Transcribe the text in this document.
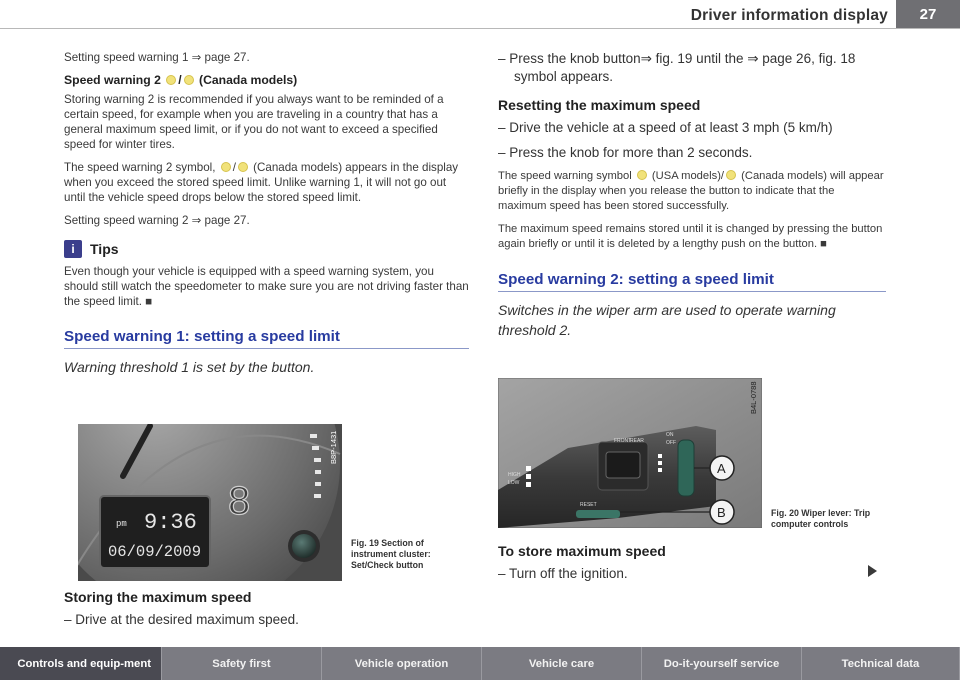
Driver information display	27

Setting speed warning 1 ⇒ page 27.

Speed warning 2 / (Canada models)

Storing warning 2 is recommended if you always want to be reminded of a certain speed, for example when you are traveling in a country that has a general maximum speed limit, or if you do not want to exceed a specified speed for winter tires.

The speed warning 2 symbol, / (Canada models) appears in the display when you exceed the stored speed limit. Unlike warning 1, it will not go out until the vehicle speed drops below the stored speed limit.

Setting speed warning 2 ⇒ page 27.

i	Tips

Even though your vehicle is equipped with a speed warning system, you should still watch the speedometer to make sure you are not driving faster than the speed limit. ■

Speed warning 1: setting a speed limit
Warning threshold 1 is set by the button.
8
pm 9:36
06/09/2009
B8P-1431
Fig. 19 Section of instrument cluster: Set/Check button
Storing the maximum speed
– Drive at the desired maximum speed.
– Press the knob button⇒ fig. 19 until the ⇒ page 26, fig. 18 symbol appears.
Resetting the maximum speed
– Drive the vehicle at a speed of at least 3 mph (5 km/h)
– Press the knob for more than 2 seconds.

The speed warning symbol (USA models)/ (Canada models) will appear briefly in the display when you release the button to indicate that the maximum speed has been stored successfully.

The maximum speed remains stored until it is changed by pressing the button again briefly or until it is deleted by a lengthy push on the button. ■

Speed warning 2: setting a speed limit
Switches in the wiper arm are used to operate warning threshold 2.
FRONT
REAR
ON
OFF
HIGH
LOW
RESET
A
B
B4L-0788
Fig. 20 Wiper lever: Trip computer controls
To store maximum speed
– Turn off the ignition.
Controls and equip-ment	Safety first	Vehicle operation	Vehicle care	Do-it-yourself service	Technical data
